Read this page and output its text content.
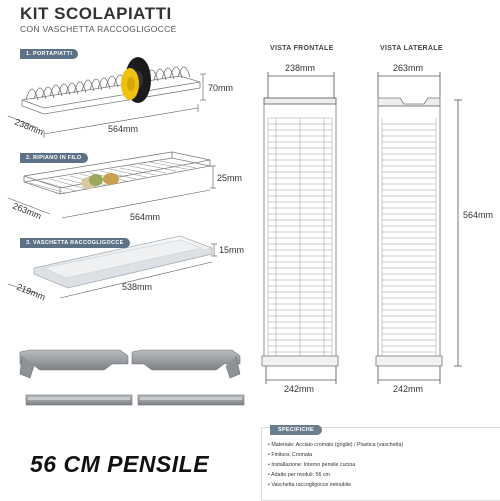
KIT SCOLAPIATTI
CON VASCHETTA RACCOGLIGOCCE
1. PORTAPIATTI
2. RIPIANO IN FILO
3. VASCHETTA RACCOGLIGOCCE
70mm
238mm	564mm
25mm
263mm	564mm
15mm
219mm	538mm
VISTA FRONTALE
238mm
242mm
VISTA LATERALE
263mm
242mm
564mm
56 CM PENSILE
SPECIFICHE
• Materiale: Acciaio cromato (griglie) / Plastica (vaschetta)
• Finitura: Cromata
• Installazione: Interno pensile cucina
• Adatto per moduli: 56 cm
• Vaschetta raccogligocce estraibile
